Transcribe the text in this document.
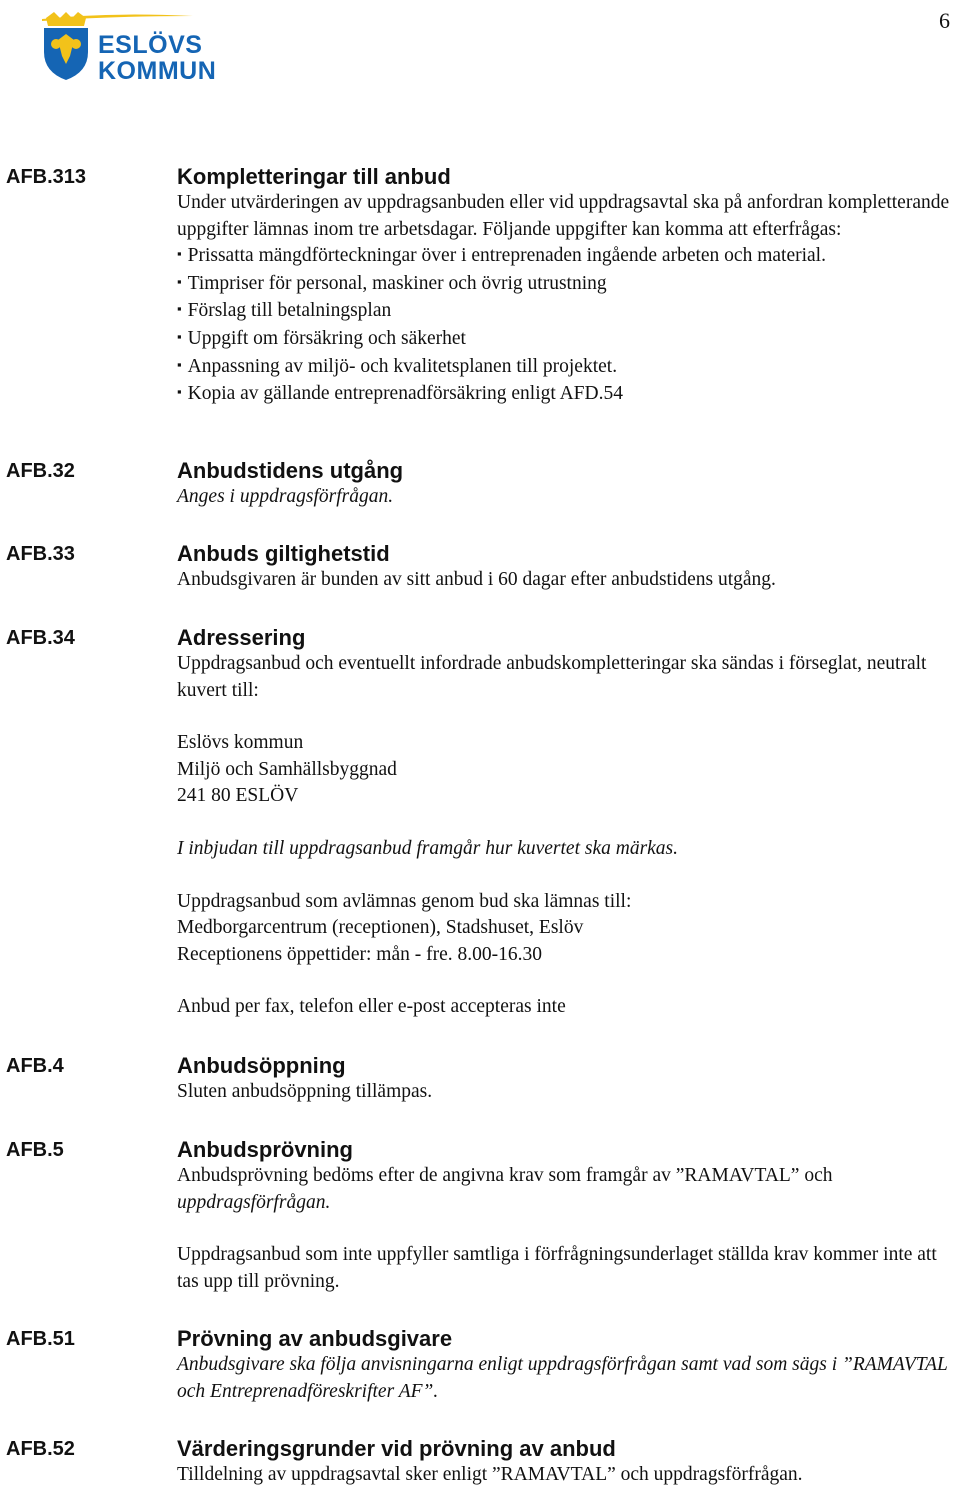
6
ESLÖVS
KOMMUN
AFB.313	Kompletteringar till anbud
Under utvärderingen av uppdragsanbuden eller vid uppdragsavtal ska på anfordran kompletterande uppgifter lämnas inom tre arbetsdagar. Följande uppgifter kan komma att efterfrågas:
▪ Prissatta mängdförteckningar över i entreprenaden ingående arbeten och material.
▪ Timpriser för personal, maskiner och övrig utrustning
▪ Förslag till betalningsplan
▪ Uppgift om försäkring och säkerhet
▪ Anpassning av miljö- och kvalitetsplanen till projektet.
▪ Kopia av gällande entreprenadförsäkring enligt AFD.54
AFB.32	Anbudstidens utgång
Anges i uppdragsförfrågan.
AFB.33	Anbuds giltighetstid
Anbudsgivaren är bunden av sitt anbud i 60 dagar efter anbudstidens utgång.
AFB.34	Adressering
Uppdragsanbud och eventuellt infordrade anbudskompletteringar ska sändas i förseglat, neutralt kuvert till:
Eslövs kommun
Miljö och Samhällsbyggnad
241 80 ESLÖV
I inbjudan till uppdragsanbud framgår hur kuvertet ska märkas.
Uppdragsanbud som avlämnas genom bud ska lämnas till:
Medborgarcentrum (receptionen), Stadshuset, Eslöv
Receptionens öppettider: mån - fre. 8.00-16.30
Anbud per fax, telefon eller e-post accepteras inte
AFB.4	Anbudsöppning
Sluten anbudsöppning tillämpas.
AFB.5	Anbudsprövning
Anbudsprövning bedöms efter de angivna krav som framgår av ”RAMAVTAL” och uppdragsförfrågan.
Uppdragsanbud som inte uppfyller samtliga i förfrågningsunderlaget ställda krav kommer inte att tas upp till prövning.
AFB.51	Prövning av anbudsgivare
Anbudsgivare ska följa anvisningarna enligt uppdragsförfrågan samt vad som sägs i ”RAMAVTAL och Entreprenadföreskrifter AF”.
AFB.52	Värderingsgrunder vid prövning av anbud
Tilldelning av uppdragsavtal sker enligt ”RAMAVTAL” och uppdragsförfrågan.
